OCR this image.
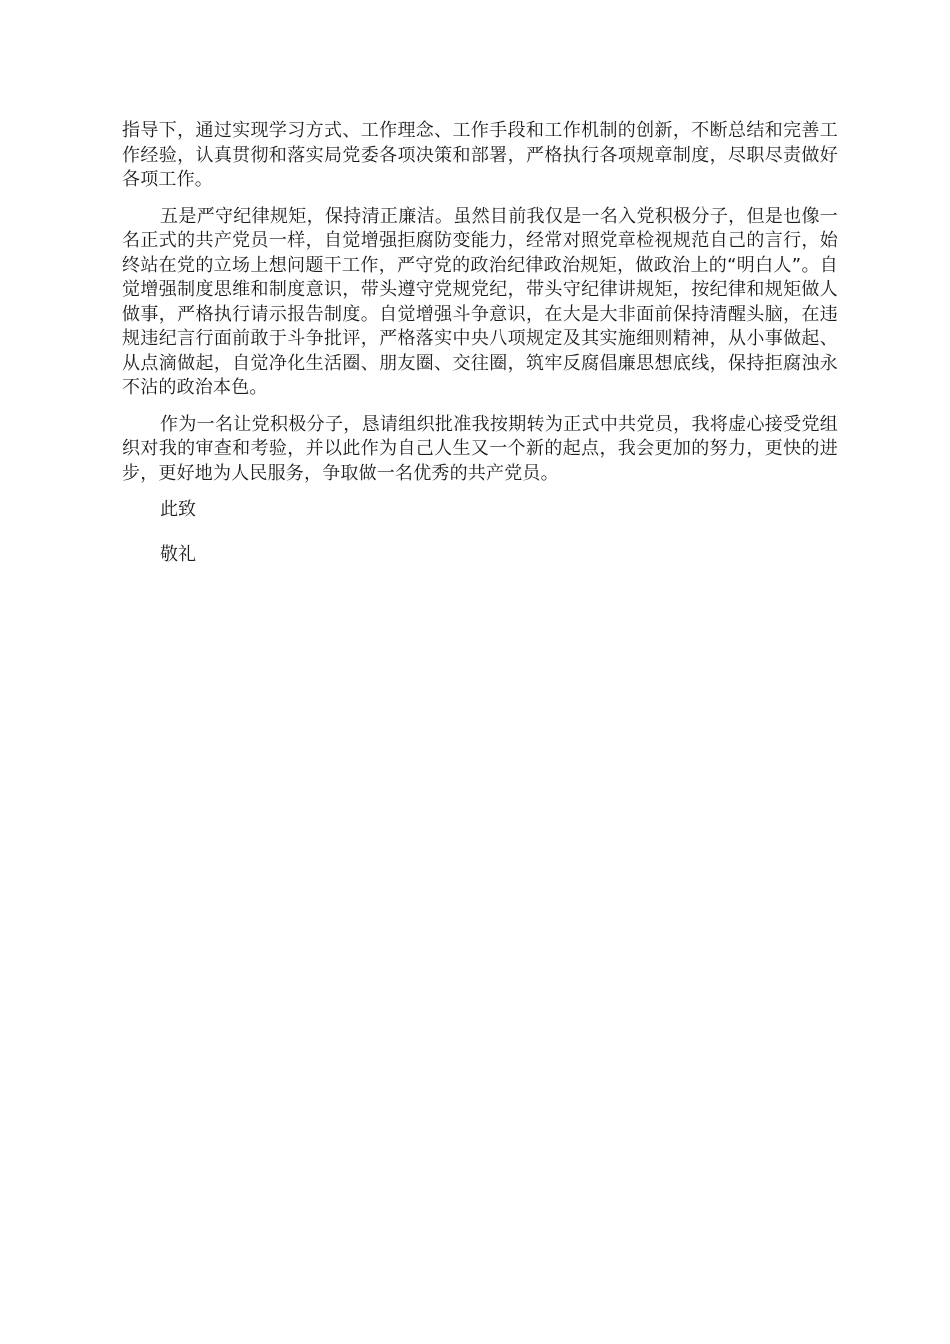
指导下，通过实现学习方式、工作理念、工作手段和工作机制的创新，不断总结和完善工作经验，认真贯彻和落实局党委各项决策和部署，严格执行各项规章制度，尽职尽责做好各项工作。

五是严守纪律规矩，保持清正廉洁。虽然目前我仅是一名入党积极分子，但是也像一名正式的共产党员一样，自觉增强拒腐防变能力，经常对照党章检视规范自己的言行，始终站在党的立场上想问题干工作，严守党的政治纪律政治规矩，做政治上的“明白人”。自觉增强制度思维和制度意识，带头遵守党规党纪，带头守纪律讲规矩，按纪律和规矩做人做事，严格执行请示报告制度。自觉增强斗争意识，在大是大非面前保持清醒头脑，在违规违纪言行面前敢于斗争批评，严格落实中央八项规定及其实施细则精神，从小事做起、从点滴做起，自觉净化生活圈、朋友圈、交往圈，筑牢反腐倡廉思想底线，保持拒腐浊永不沾的政治本色。

作为一名让党积极分子，恳请组织批准我按期转为正式中共党员，我将虚心接受党组织对我的审查和考验，并以此作为自己人生又一个新的起点，我会更加的努力，更快的进步，更好地为人民服务，争取做一名优秀的共产党员。

此致

敬礼
